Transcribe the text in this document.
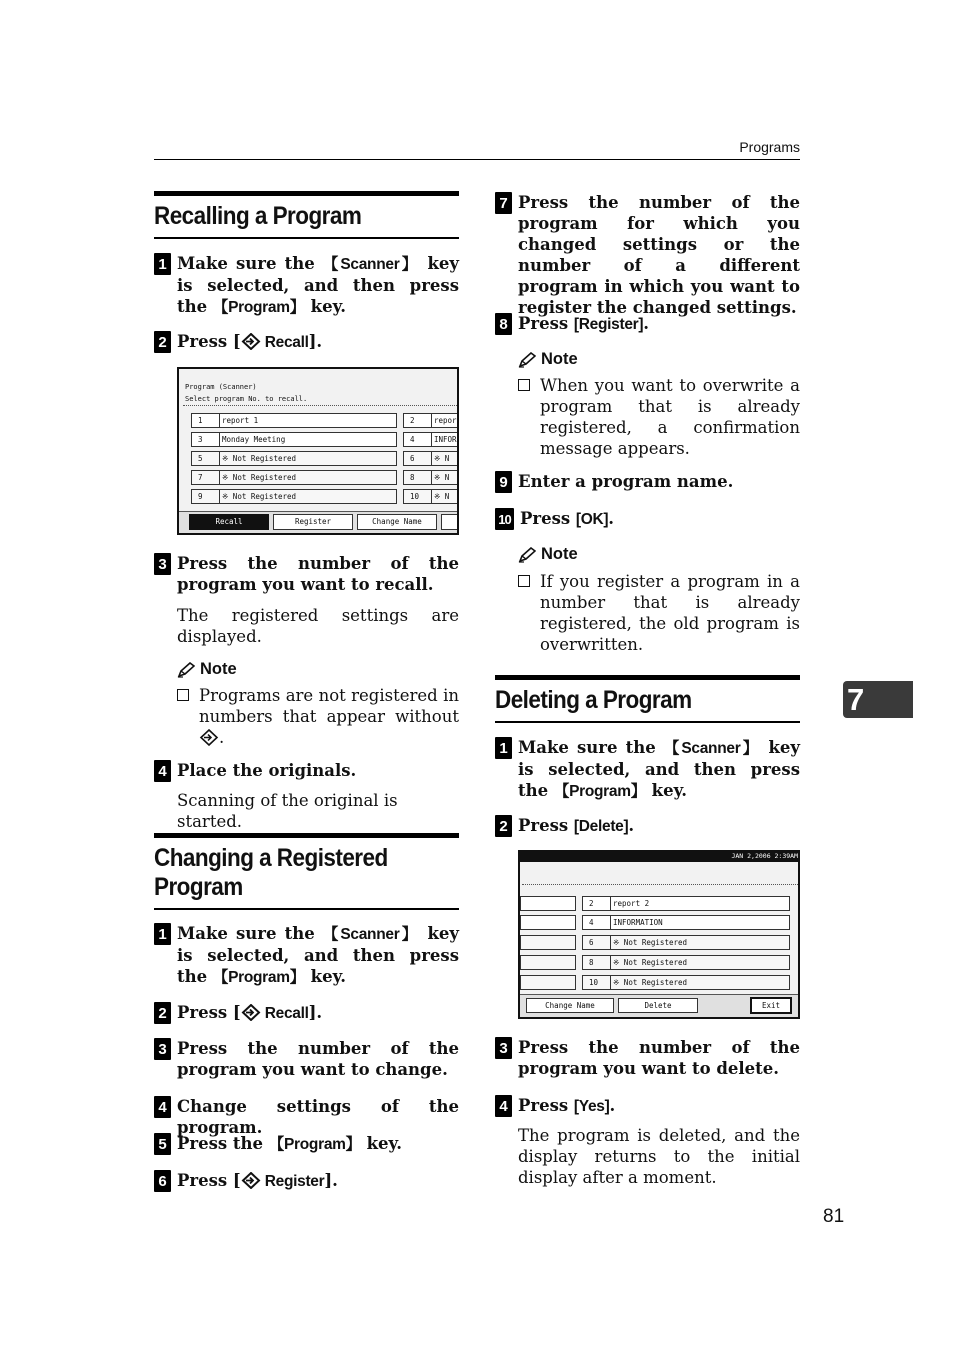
Programs
Recalling a Program
1 Make sure the 【Scanner】 key is selected, and then press the 【Program】 key.
2 Press [ Recall].
Program (Scanner)
Select program No. to recall.
1	report 1	2	repor
3	Monday Meeting	4	INFOR
5	※ Not Registered	6	※ N
7	※ Not Registered	8	※ N
9	※ Not Registered	10	※ N
Recall	Register	Change Name
3 Press the number of the program you want to recall.
The registered settings are displayed.
Note
Programs are not registered in numbers that appear without .
4 Place the originals.
Scanning of the original is started.
Changing a Registered
Program
1 Make sure the 【Scanner】 key is selected, and then press the 【Program】 key.
2 Press [ Recall].
3 Press the number of the program you want to change.
4 Change settings of the program.
5 Press the 【Program】 key.
6 Press [ Register].
7 Press the number of the program for which you changed settings or the number of a different program in which you want to register the changed settings.
8 Press [Register].
Note
When you want to overwrite a program that is already registered, a confirmation message appears.
9 Enter a program name.
10 Press [OK].
Note
If you register a program in a number that is already registered, the old program is overwritten.
Deleting a Program
1 Make sure the 【Scanner】 key is selected, and then press the 【Program】 key.
2 Press [Delete].
JAN 2,2006 2:39AM
2	report 2
4	INFORMATION
6	※ Not Registered
8	※ Not Registered
10	※ Not Registered
Change Name	Delete	Exit
3 Press the number of the program you want to delete.
4 Press [Yes].
The program is deleted, and the display returns to the initial display after a moment.
7
81
